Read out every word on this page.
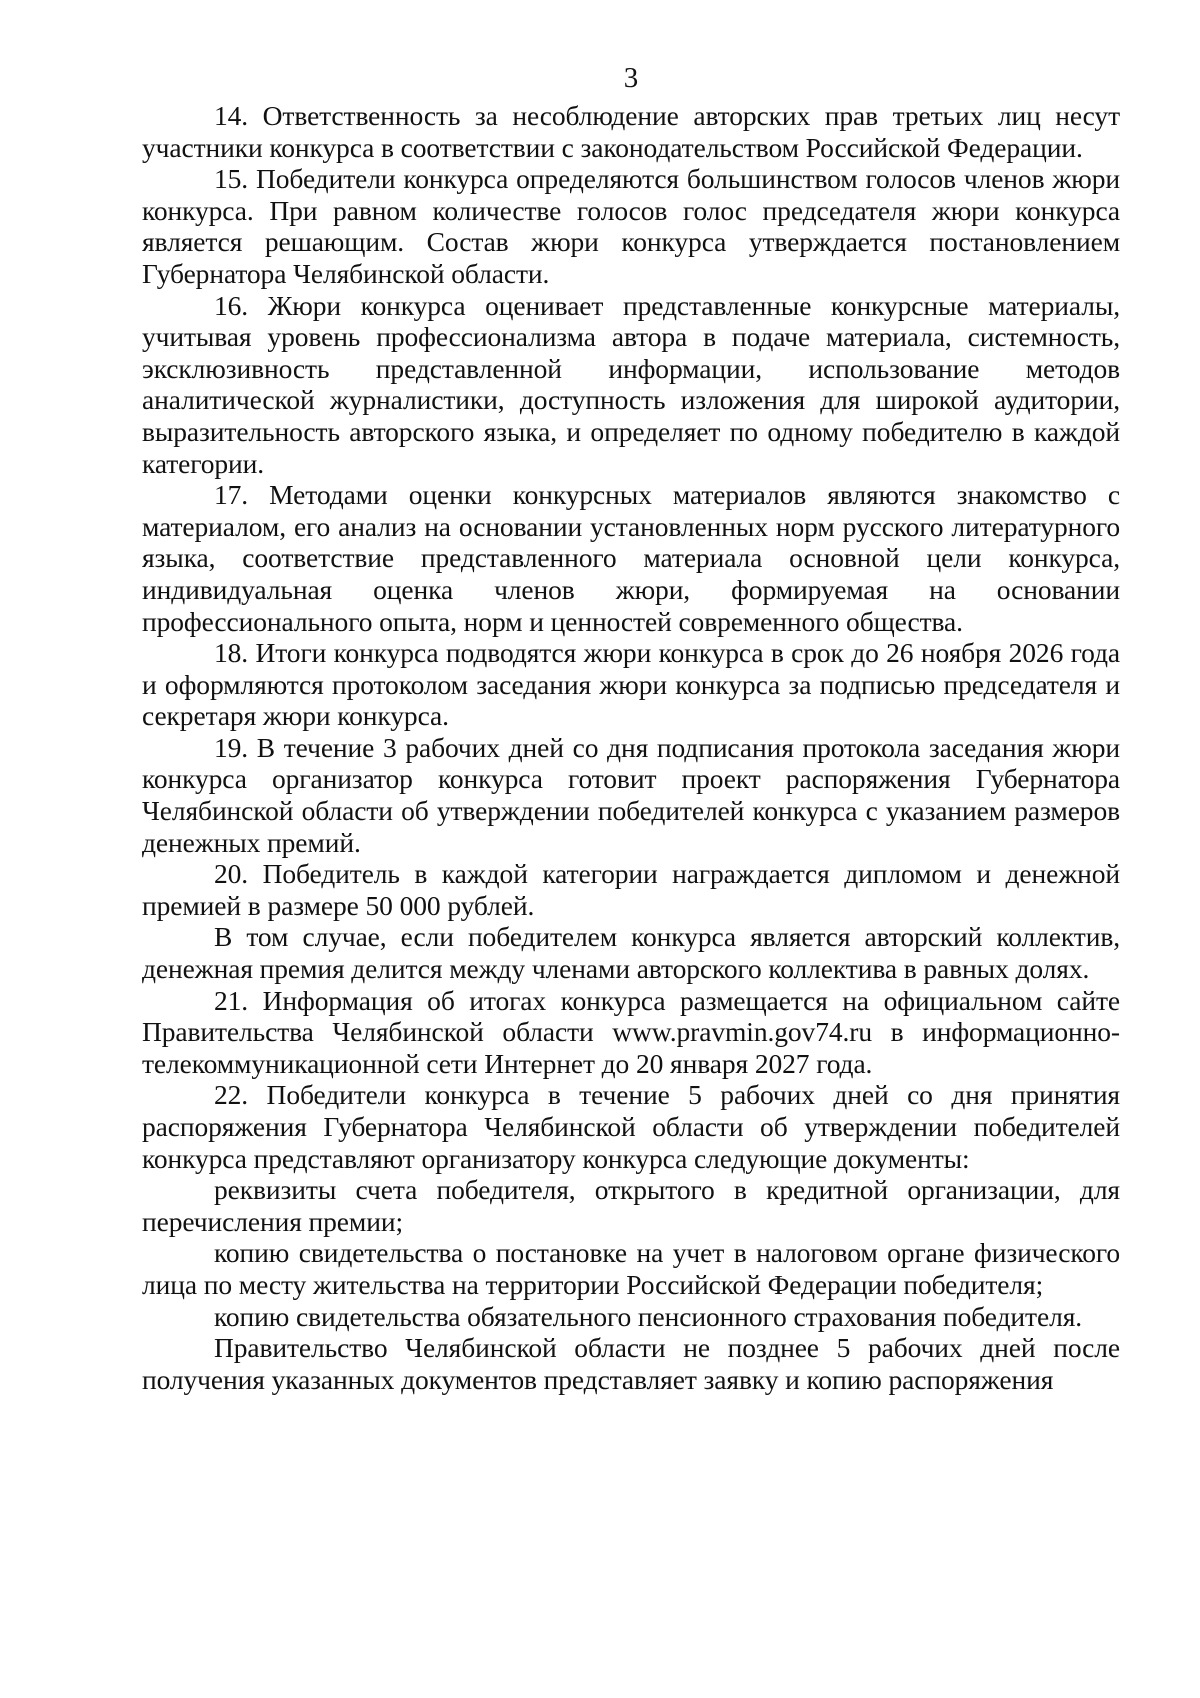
3

14. Ответственность за несоблюдение авторских прав третьих лиц несут участники конкурса в соответствии с законодательством Российской Федерации.

15. Победители конкурса определяются большинством голосов членов жюри конкурса. При равном количестве голосов голос председателя жюри конкурса является решающим. Состав жюри конкурса утверждается постановлением Губернатора Челябинской области.

16. Жюри конкурса оценивает представленные конкурсные материалы, учитывая уровень профессионализма автора в подаче материала, системность, эксклюзивность представленной информации, использование методов аналитической журналистики, доступность изложения для широкой аудитории, выразительность авторского языка, и определяет по одному победителю в каждой категории.

17. Методами оценки конкурсных материалов являются знакомство с материалом, его анализ на основании установленных норм русского литературного языка, соответствие представленного материала основной цели конкурса, индивидуальная оценка членов жюри, формируемая на основании профессионального опыта, норм и ценностей современного общества.

18. Итоги конкурса подводятся жюри конкурса в срок до 26 ноября 2026 года и оформляются протоколом заседания жюри конкурса за подписью председателя и секретаря жюри конкурса.

19. В течение 3 рабочих дней со дня подписания протокола заседания жюри конкурса организатор конкурса готовит проект распоряжения Губернатора Челябинской области об утверждении победителей конкурса с указанием размеров денежных премий.

20. Победитель в каждой категории награждается дипломом и денежной премией в размере 50 000 рублей.

В том случае, если победителем конкурса является авторский коллектив, денежная премия делится между членами авторского коллектива в равных долях.

21. Информация об итогах конкурса размещается на официальном сайте Правительства Челябинской области www.pravmin.gov74.ru в информационно-телекоммуникационной сети Интернет до 20 января 2027 года.

22. Победители конкурса в течение 5 рабочих дней со дня принятия распоряжения Губернатора Челябинской области об утверждении победителей конкурса представляют организатору конкурса следующие документы:

реквизиты счета победителя, открытого в кредитной организации, для перечисления премии;

копию свидетельства о постановке на учет в налоговом органе физического лица по месту жительства на территории Российской Федерации победителя;

копию свидетельства обязательного пенсионного страхования победителя.

Правительство Челябинской области не позднее 5 рабочих дней после получения указанных документов представляет заявку и копию распоряжения
